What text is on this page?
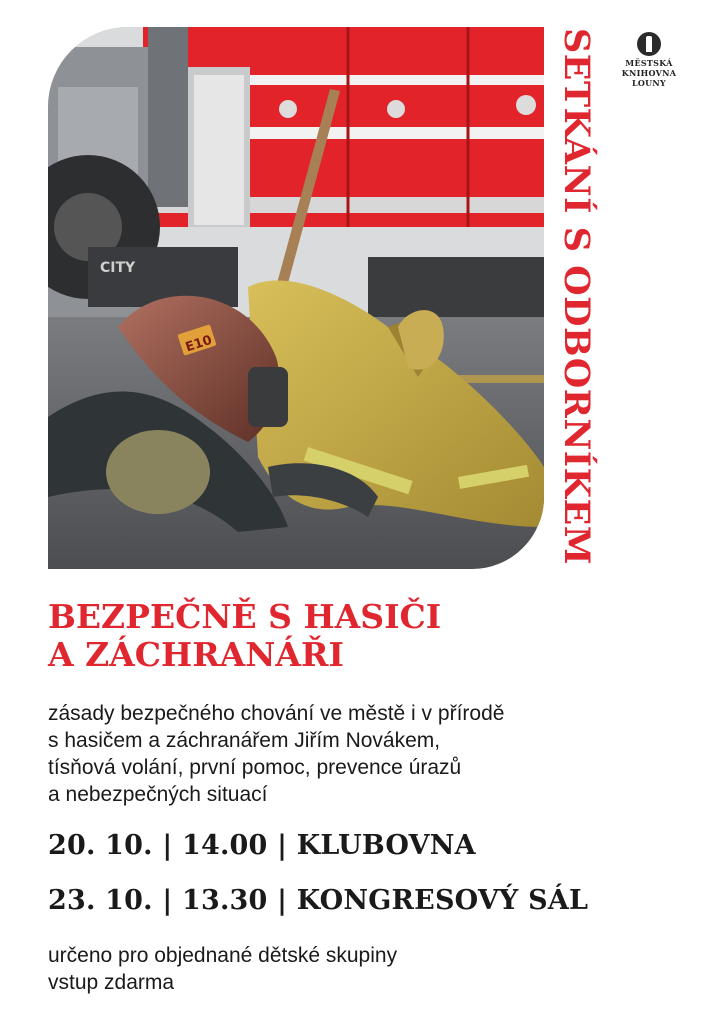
CITY
E10	SETKÁNÍ S ODBORNÍKEM	MĚSTSKÁ
KNIHOVNA
LOUNY
BEZPEČNĚ S HASIČI
A ZÁCHRANÁŘI
zásady bezpečného chování ve městě i v přírodě
s hasičem a záchranářem Jiřím Novákem,
tísňová volání, první pomoc, prevence úrazů
a nebezpečných situací
20. 10. | 14.00 | KLUBOVNA
23. 10. | 13.30 | KONGRESOVÝ SÁL
určeno pro objednané dětské skupiny
vstup zdarma
